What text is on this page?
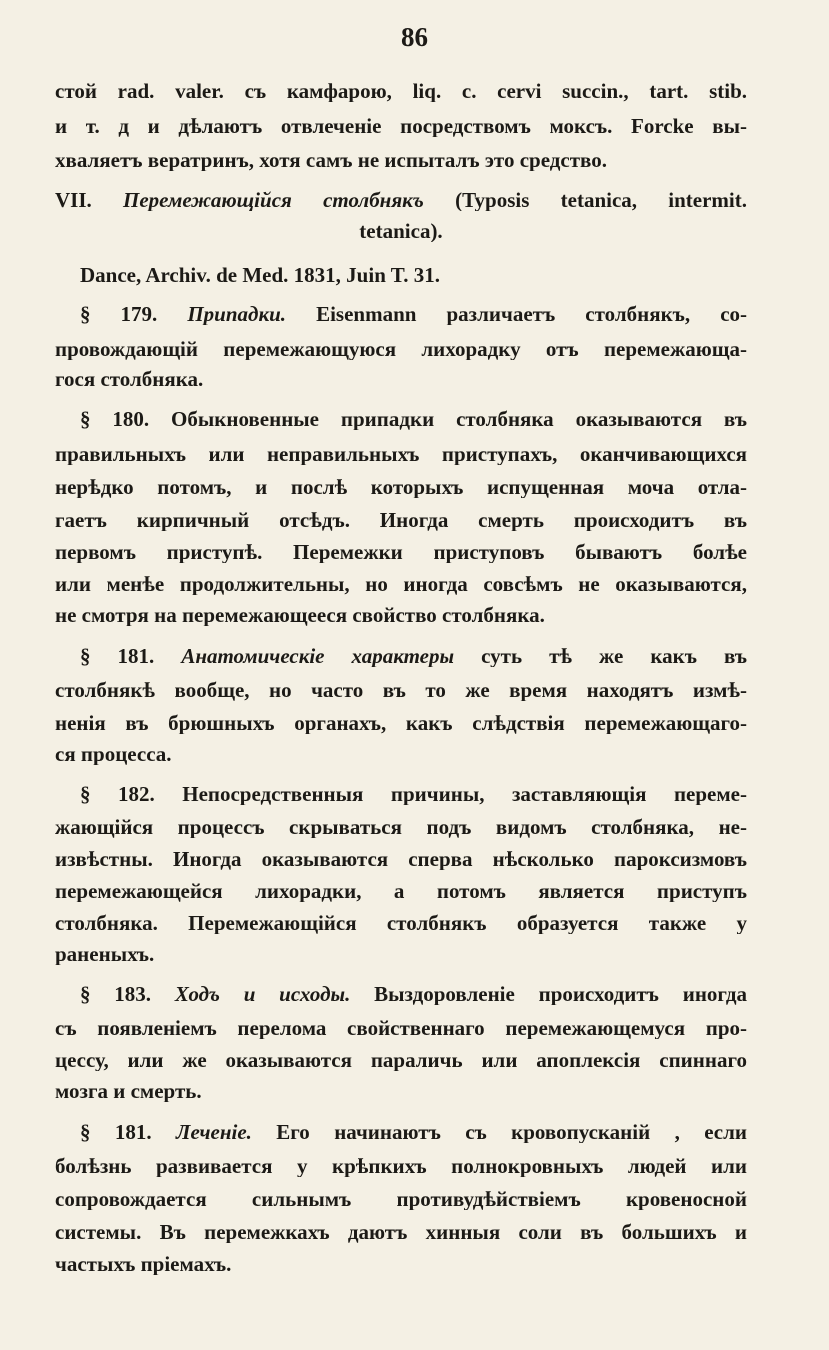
86
стой rad. valer. съ камфарою, liq. c. cervi succin., tart. stib.
и т. д и дѣлаютъ отвлеченіе посредствомъ моксъ. Forcke вы-
хваляетъ вератринъ, хотя самъ не испыталъ это средство.
VII. Перемежающійся столбнякъ (Typosis tetanica, intermit.
tetanica).
Dance, Archiv. de Med. 1831, Juin T. 31.
§ 179. Припадки. Eisenmann различаетъ столбнякъ, со-
провождающій перемежающуюся лихорадку отъ перемежающа-
гося столбняка.
§ 180. Обыкновенные припадки столбняка оказываются въ
правильныхъ или неправильныхъ приступахъ, оканчивающихся
нерѣдко потомъ, и послѣ которыхъ испущенная моча отла-
гаетъ кирпичный отсѣдъ. Иногда смерть происходитъ въ
первомъ приступѣ. Перемежки приступовъ бываютъ болѣе
или менѣе продолжительны, но иногда совсѣмъ не оказываются,
не смотря на перемежающееся свойство столбняка.
§ 181. Анатомическіе характеры суть тѣ же какъ въ
столбнякѣ вообще, но часто въ то же время находятъ измѣ-
ненія въ брюшныхъ органахъ, какъ слѣдствія перемежающаго-
ся процесса.
§ 182. Непосредственныя причины, заставляющія переме-
жающійся процессъ скрываться подъ видомъ столбняка, не-
извѣстны. Иногда оказываются сперва нѣсколько пароксизмовъ
перемежающейся лихорадки, а потомъ является приступъ
столбняка. Перемежающійся столбнякъ образуется также у
раненыхъ.
§ 183. Ходъ и исходы. Выздоровленіе происходитъ иногда
съ появленіемъ перелома свойственнаго перемежающемуся про-
цессу, или же оказываются параличь или апоплексія спиннаго
мозга и смерть.
§ 181. Леченіе. Его начинаютъ съ кровопусканій , если
болѣзнь развивается у крѣпкихъ полнокровныхъ людей или
сопровождается сильнымъ противудѣйствіемъ кровеносной
системы. Въ перемежкахъ даютъ хинныя соли въ большихъ и
частыхъ пріемахъ.
